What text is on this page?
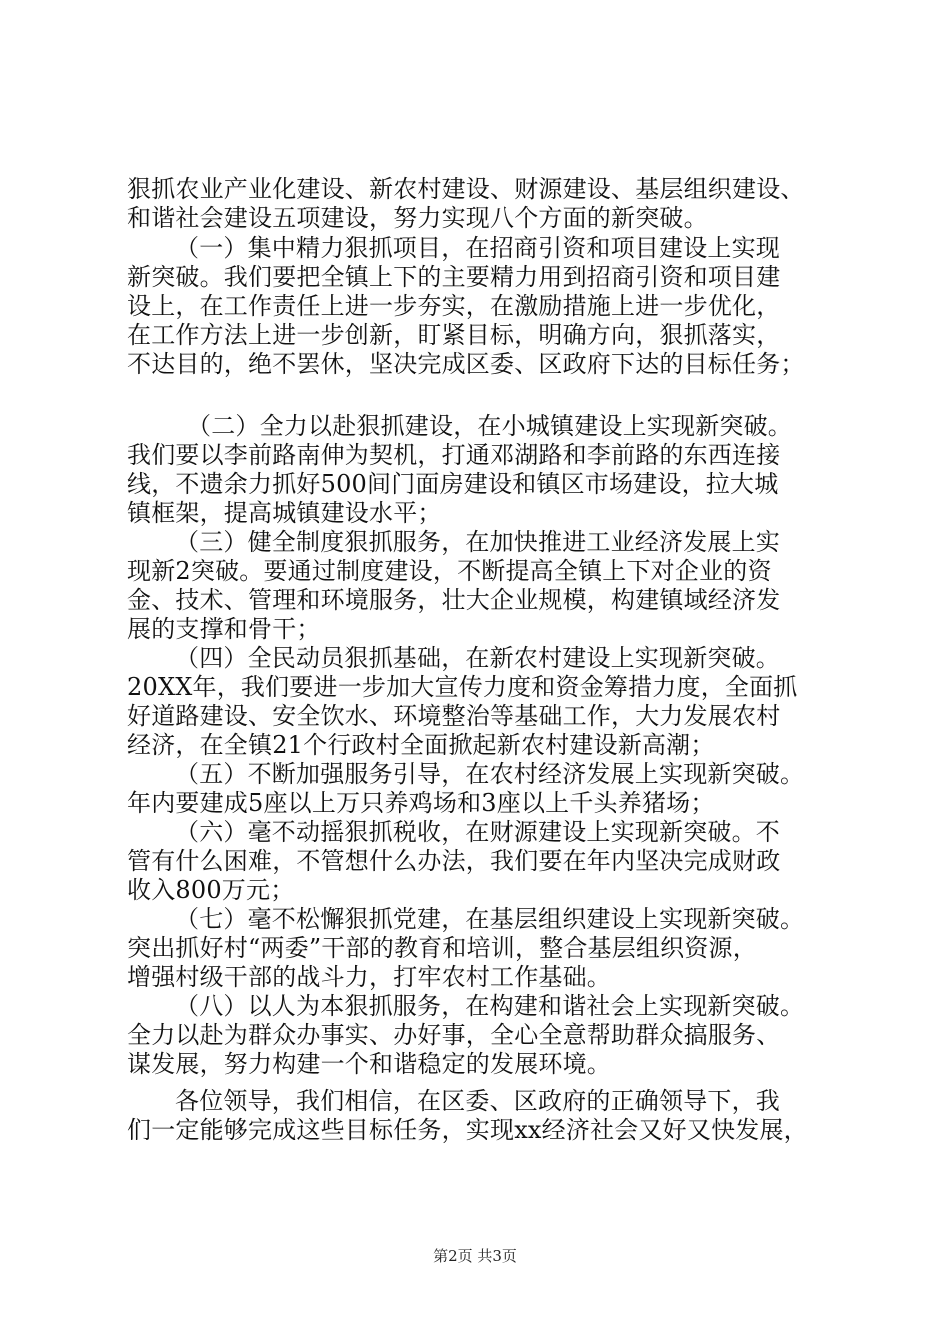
狠抓农业产业化建设、新农村建设、财源建设、基层组织建设、
和谐社会建设五项建设，努力实现八个方面的新突破。
（一）集中精力狠抓项目，在招商引资和项目建设上实现
新突破。我们要把全镇上下的主要精力用到招商引资和项目建
设上，在工作责任上进一步夯实，在激励措施上进一步优化，
在工作方法上进一步创新，盯紧目标，明确方向，狠抓落实，
不达目的，绝不罢休，坚决完成区委、区政府下达的目标任务；
（二）全力以赴狠抓建设，在小城镇建设上实现新突破。
我们要以李前路南伸为契机，打通邓湖路和李前路的东西连接
线，不遗余力抓好500间门面房建设和镇区市场建设，拉大城
镇框架，提高城镇建设水平；
（三）健全制度狠抓服务，在加快推进工业经济发展上实
现新2突破。要通过制度建设，不断提高全镇上下对企业的资
金、技术、管理和环境服务，壮大企业规模，构建镇域经济发
展的支撑和骨干；
（四）全民动员狠抓基础，在新农村建设上实现新突破。
20XX年，我们要进一步加大宣传力度和资金筹措力度，全面抓
好道路建设、安全饮水、环境整治等基础工作，大力发展农村
经济，在全镇21个行政村全面掀起新农村建设新高潮；
（五）不断加强服务引导，在农村经济发展上实现新突破。
年内要建成5座以上万只养鸡场和3座以上千头养猪场；
（六）毫不动摇狠抓税收，在财源建设上实现新突破。不
管有什么困难，不管想什么办法，我们要在年内坚决完成财政
收入800万元；
（七）毫不松懈狠抓党建，在基层组织建设上实现新突破。
突出抓好村“两委”干部的教育和培训，整合基层组织资源，
增强村级干部的战斗力，打牢农村工作基础。
（八）以人为本狠抓服务，在构建和谐社会上实现新突破。
全力以赴为群众办事实、办好事，全心全意帮助群众搞服务、
谋发展，努力构建一个和谐稳定的发展环境。
各位领导，我们相信，在区委、区政府的正确领导下，我
们一定能够完成这些目标任务，实现xx经济社会又好又快发展，
第2页 共3页
